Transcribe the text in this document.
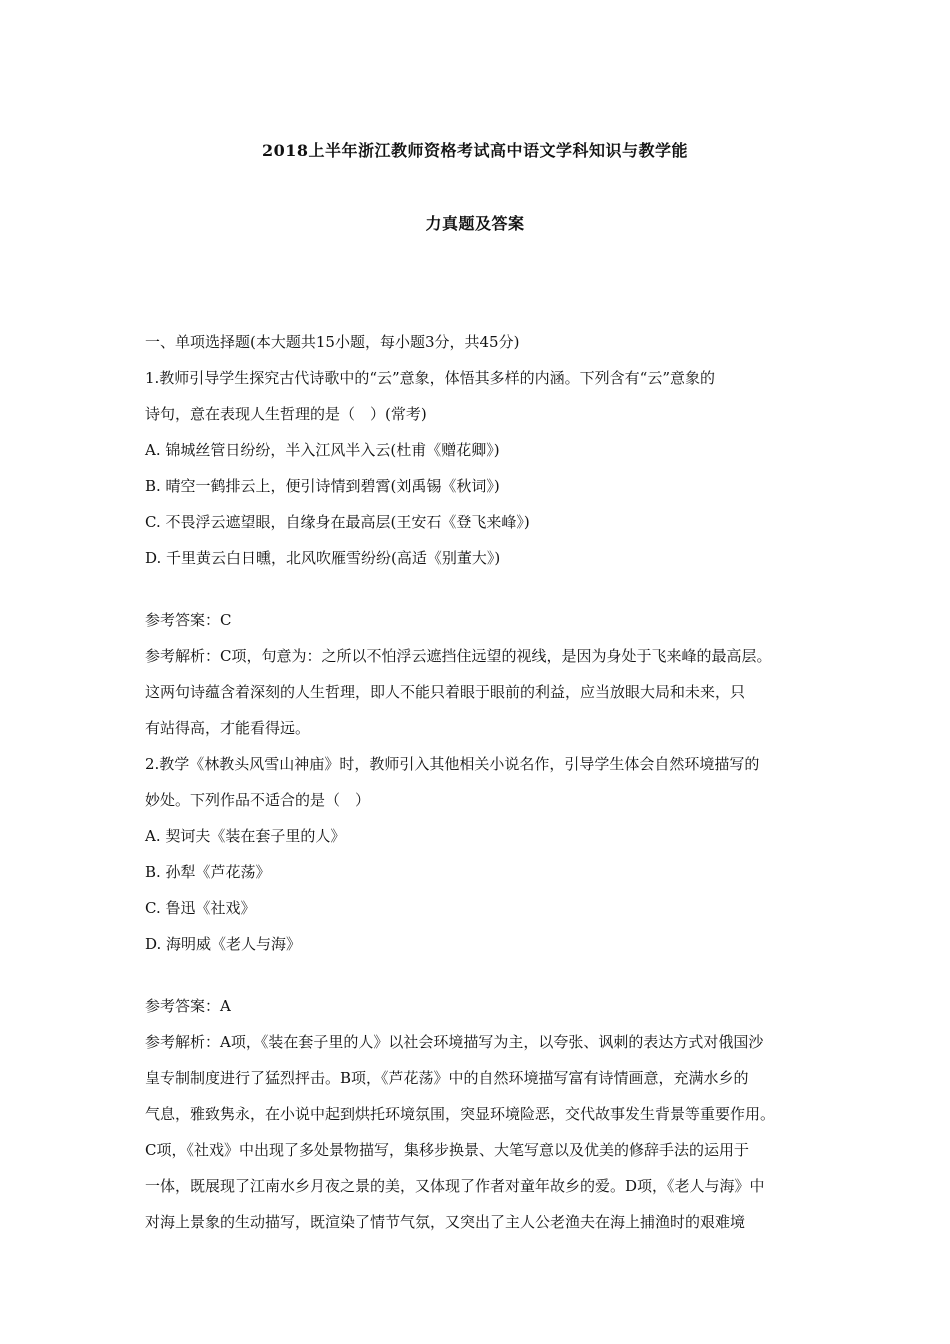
2018上半年浙江教师资格考试高中语文学科知识与教学能
力真题及答案
一、单项选择题(本大题共15小题，每小题3分，共45分)
1.教师引导学生探究古代诗歌中的“云”意象，体悟其多样的内涵。下列含有“云”意象的
诗句，意在表现人生哲理的是（　）(常考)
A. 锦城丝管日纷纷，半入江风半入云(杜甫《赠花卿》)
B. 晴空一鹤排云上，便引诗情到碧霄(刘禹锡《秋词》)
C. 不畏浮云遮望眼，自缘身在最高层(王安石《登飞来峰》)
D. 千里黄云白日曛，北风吹雁雪纷纷(高适《别董大》)
参考答案：C
参考解析：C项，句意为：之所以不怕浮云遮挡住远望的视线，是因为身处于飞来峰的最高层。
这两句诗蕴含着深刻的人生哲理，即人不能只着眼于眼前的利益，应当放眼大局和未来，只
有站得高，才能看得远。
2.教学《林教头风雪山神庙》时，教师引入其他相关小说名作，引导学生体会自然环境描写的
妙处。下列作品不适合的是（　）
A. 契诃夫《装在套子里的人》
B. 孙犁《芦花荡》
C. 鲁迅《社戏》
D. 海明威《老人与海》
参考答案：A
参考解析：A项，《装在套子里的人》以社会环境描写为主，以夸张、讽刺的表达方式对俄国沙
皇专制制度进行了猛烈抨击。B项，《芦花荡》中的自然环境描写富有诗情画意，充满水乡的
气息，雅致隽永，在小说中起到烘托环境氛围，突显环境险恶，交代故事发生背景等重要作用。
C项，《社戏》中出现了多处景物描写，集移步换景、大笔写意以及优美的修辞手法的运用于
一体，既展现了江南水乡月夜之景的美，又体现了作者对童年故乡的爱。D项，《老人与海》中
对海上景象的生动描写，既渲染了情节气氛，又突出了主人公老渔夫在海上捕渔时的艰难境
